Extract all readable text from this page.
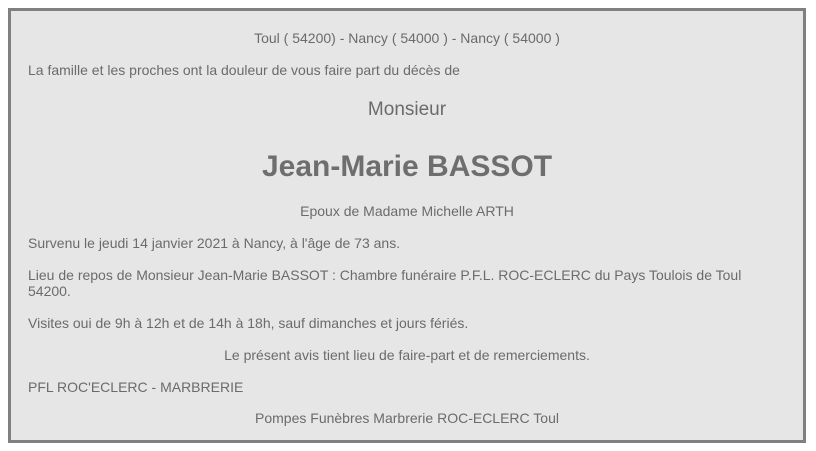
Toul ( 54200) - Nancy ( 54000 ) - Nancy ( 54000 )

La famille et les proches ont la douleur de vous faire part du décès de

Monsieur

Jean-Marie BASSOT

Epoux de Madame Michelle ARTH

Survenu le jeudi 14 janvier 2021 à Nancy, à l'âge de 73 ans.

Lieu de repos de Monsieur Jean-Marie BASSOT : Chambre funéraire P.F.L. ROC-ECLERC du Pays Toulois de Toul 54200.

Visites oui de 9h à 12h et de 14h à 18h, sauf dimanches et jours fériés.

Le présent avis tient lieu de faire-part et de remerciements.

PFL ROC'ECLERC - MARBRERIE

Pompes Funèbres Marbrerie ROC-ECLERC Toul
